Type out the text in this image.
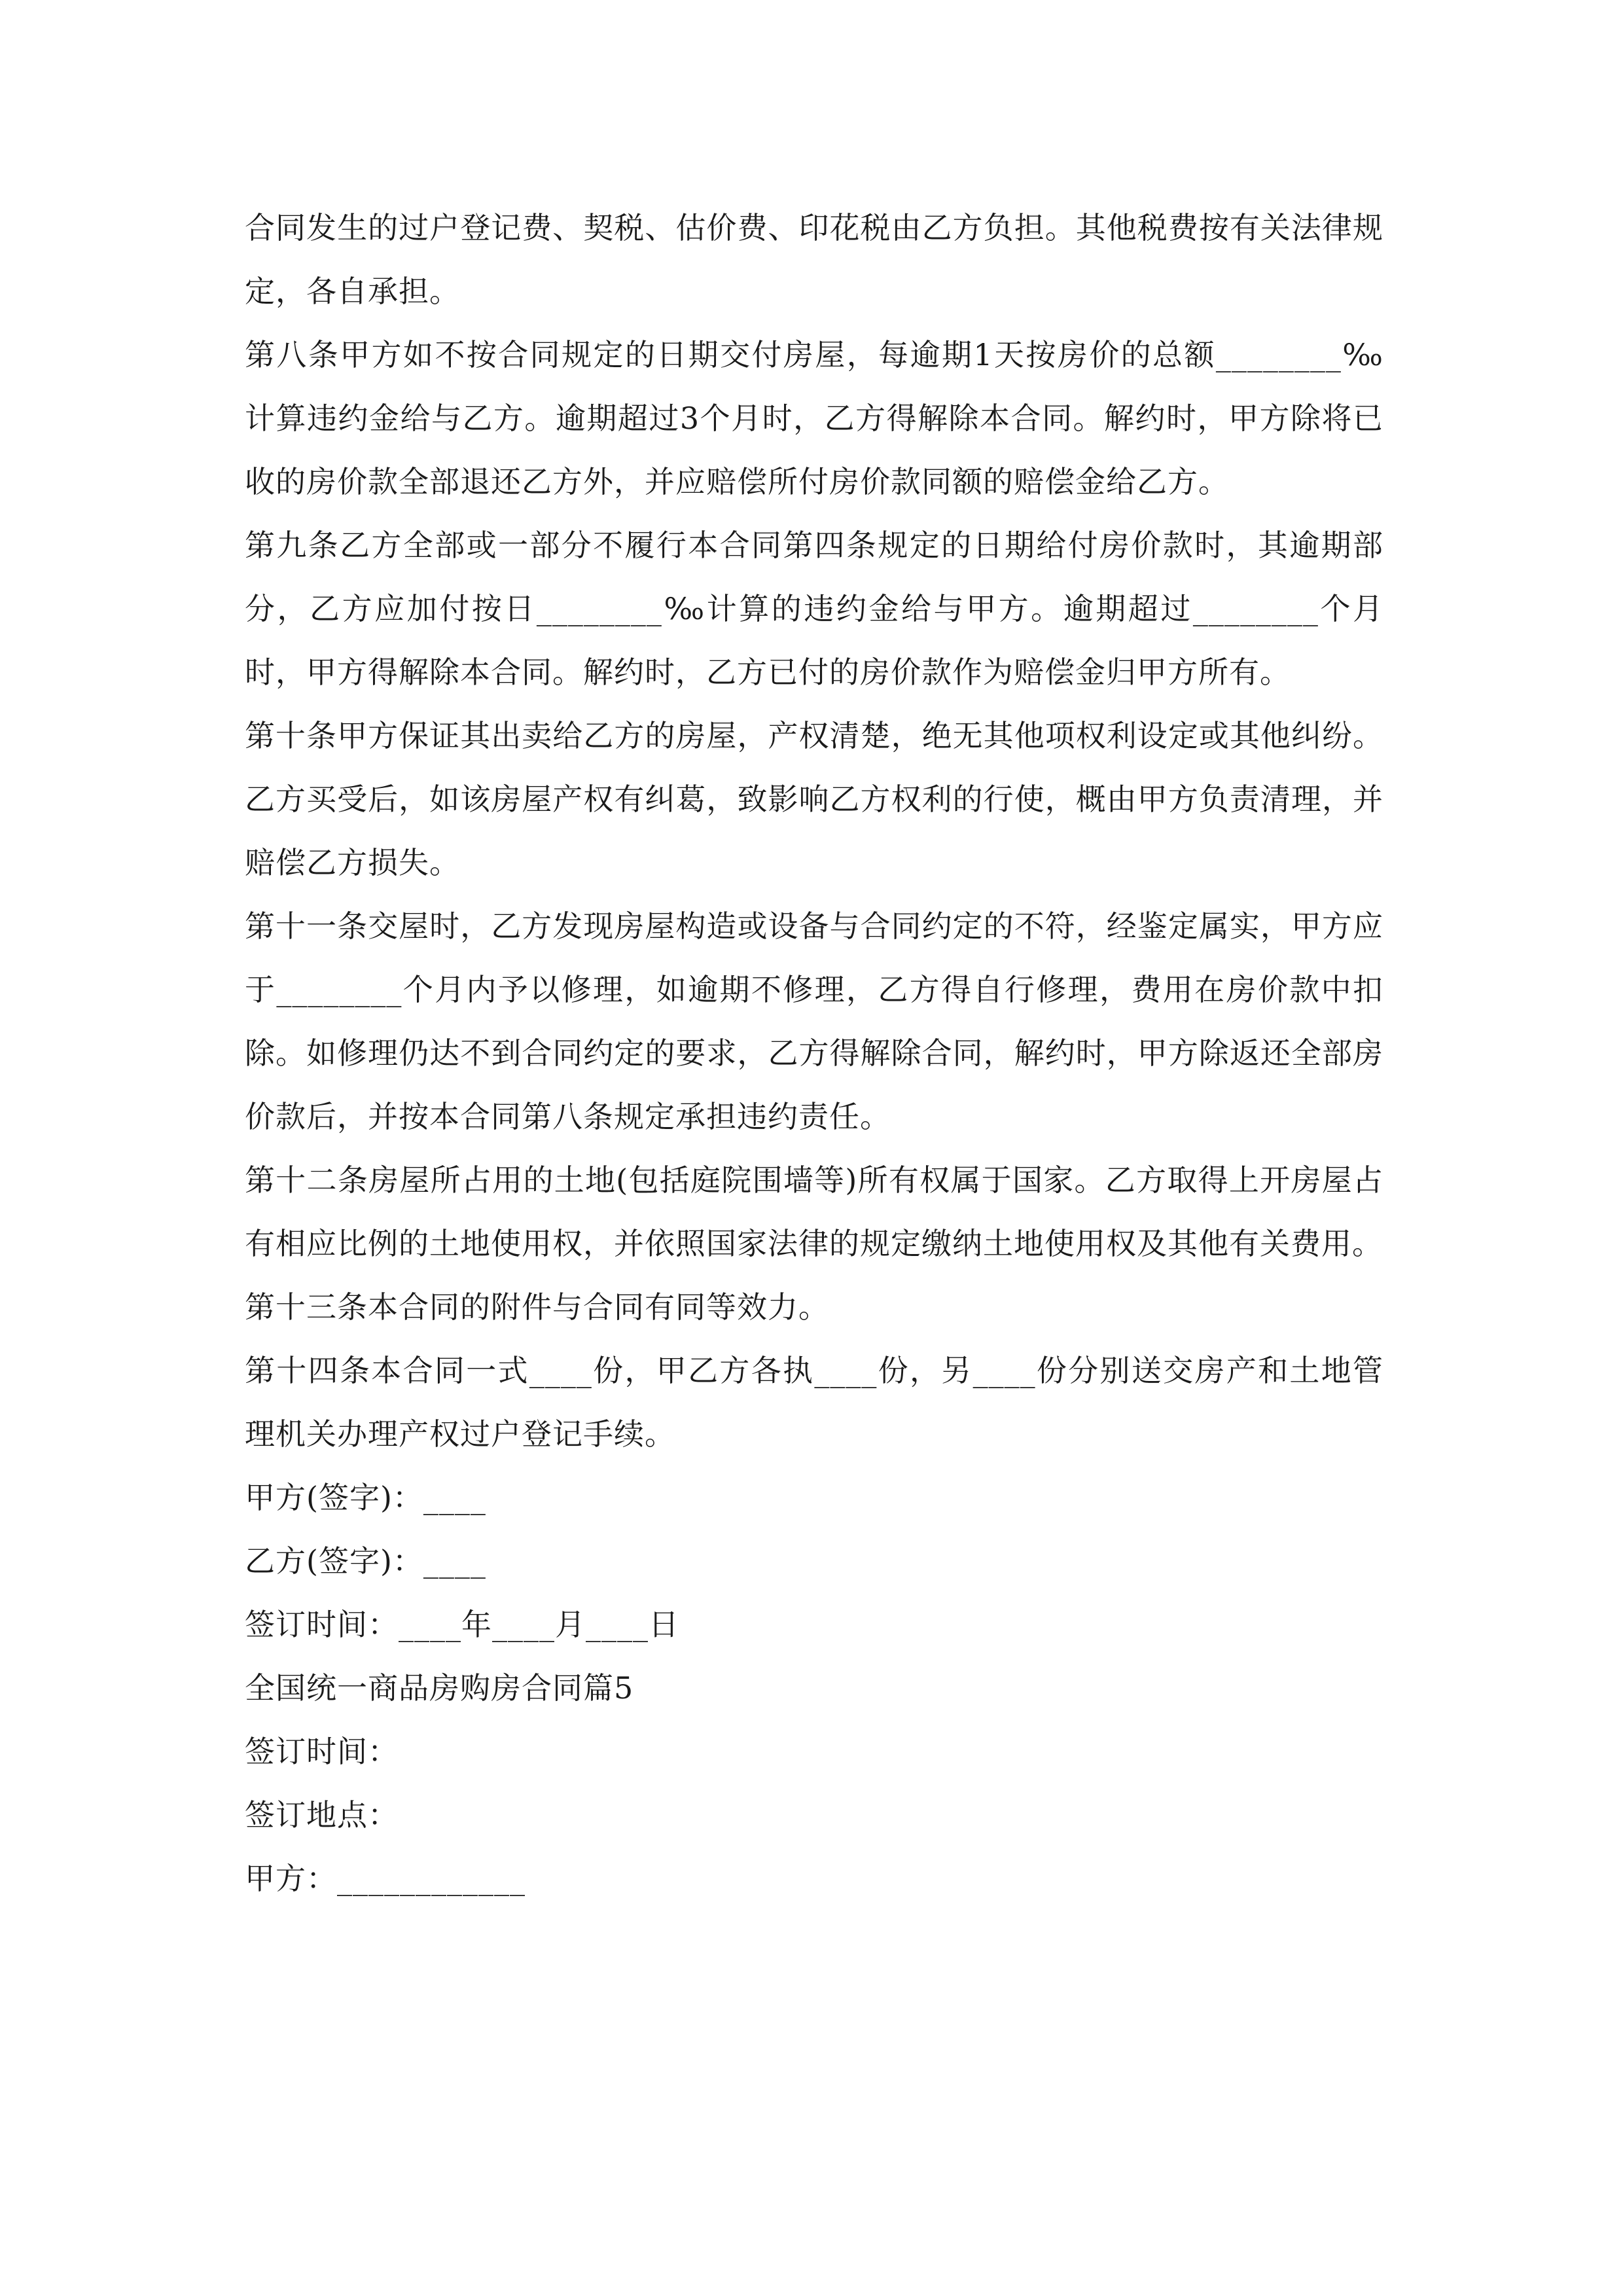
合同发生的过户登记费、契税、估价费、印花税由乙方负担。其他税费按有关法律规定，各自承担。

第八条甲方如不按合同规定的日期交付房屋，每逾期1天按房价的总额________‰计算违约金给与乙方。逾期超过3个月时，乙方得解除本合同。解约时，甲方除将已收的房价款全部退还乙方外，并应赔偿所付房价款同额的赔偿金给乙方。

第九条乙方全部或一部分不履行本合同第四条规定的日期给付房价款时，其逾期部分，乙方应加付按日________‰计算的违约金给与甲方。逾期超过________个月时，甲方得解除本合同。解约时，乙方已付的房价款作为赔偿金归甲方所有。

第十条甲方保证其出卖给乙方的房屋，产权清楚，绝无其他项权利设定或其他纠纷。乙方买受后，如该房屋产权有纠葛，致影响乙方权利的行使，概由甲方负责清理，并赔偿乙方损失。

第十一条交屋时，乙方发现房屋构造或设备与合同约定的不符，经鉴定属实，甲方应于________个月内予以修理，如逾期不修理，乙方得自行修理，费用在房价款中扣除。如修理仍达不到合同约定的要求，乙方得解除合同，解约时，甲方除返还全部房价款后，并按本合同第八条规定承担违约责任。

第十二条房屋所占用的土地(包括庭院围墙等)所有权属于国家。乙方取得上开房屋占有相应比例的土地使用权，并依照国家法律的规定缴纳土地使用权及其他有关费用。

第十三条本合同的附件与合同有同等效力。

第十四条本合同一式____份，甲乙方各执____份，另____份分别送交房产和土地管理机关办理产权过户登记手续。

甲方(签字)：____

乙方(签字)：____

签订时间：____年____月____日

全国统一商品房购房合同篇5

签订时间：

签订地点：

甲方：____________
